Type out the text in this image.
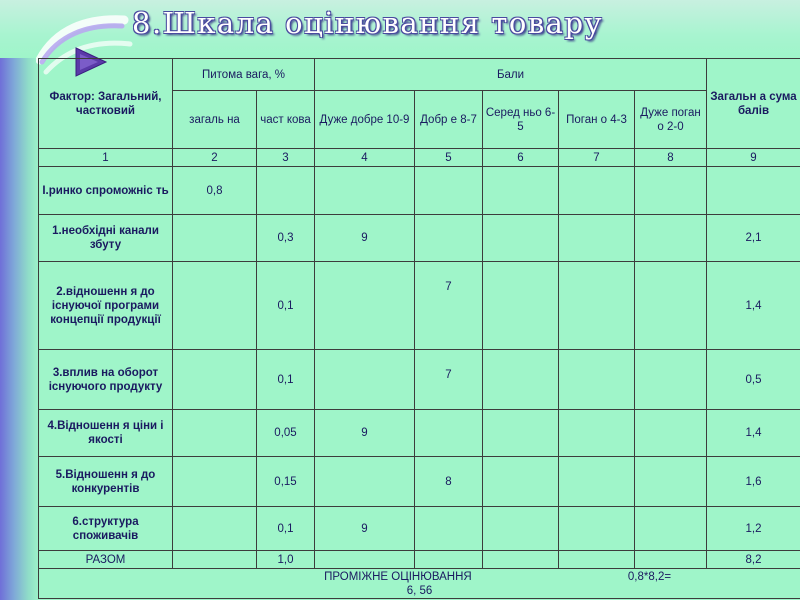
8.Шкала оцінювання товару
Фактор: Загальний, частковий	Питома вага, %		Бали					Загальн а сума балів
	загаль на	част кова	Дуже добре 10-9	Добр е 8-7	Серед ньо 6-5	Поган о 4-3	Дуже поган о 2-0	
1	2	3	4	5	6	7	8	9
І.ринко спроможніс ть	0,8							
1.необхідні канали збуту		0,3	9					2,1
2.відношенн я до існуючої програми концепції продукції		0,1		7				1,4
3.вплив на оборот існуючого продукту		0,1		7				0,5
4.Відношенн я ціни і якості		0,05	9					1,4
5.Відношенн я до конкурентів		0,15		8				1,6
6.структура споживачів		0,1	9					1,2
РАЗОМ		1,0						8,2
ПРОМІЖНЕ ОЦІНЮВАННЯ 0,8*8,2=
6, 56								
